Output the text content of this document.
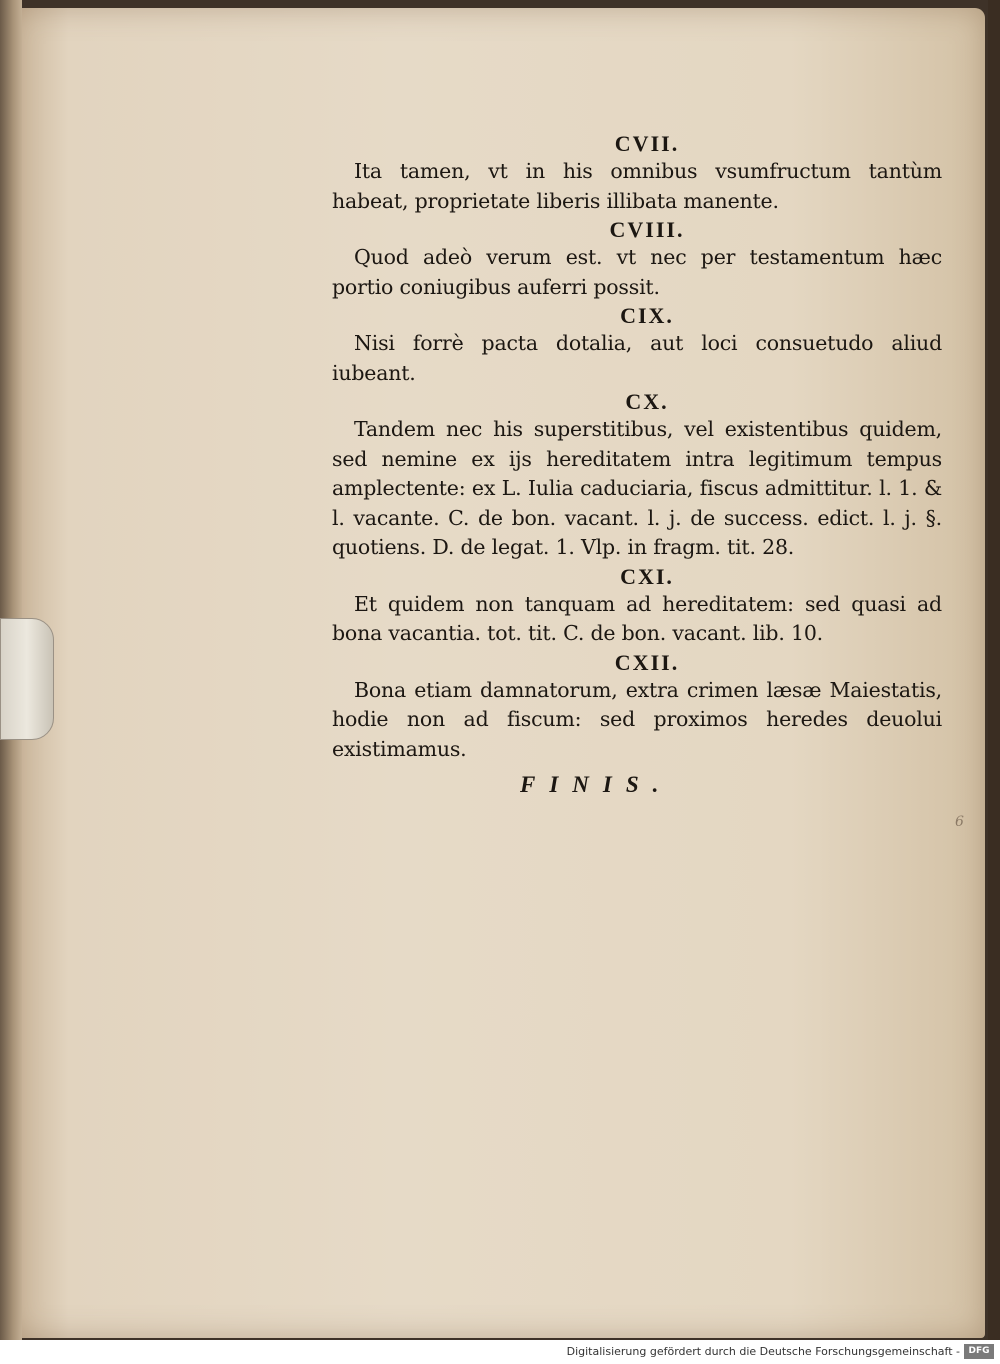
CVII.

Ita tamen, vt in his omnibus vsumfructum tantùm habeat, proprietate liberis illibata manente.

CVIII.

Quod adeò verum est. vt nec per testamentum hæc portio coniugibus auferri possit.

CIX.

Nisi forrè pacta dotalia, aut loci consuetudo aliud iubeant.

CX.

Tandem nec his superstitibus, vel existentibus quidem, sed nemine ex ijs hereditatem intra legitimum tempus amplectente: ex L. Iulia caduciaria, fiscus admittitur. l. 1. & l. vacante. C. de bon. vacant. l. j. de success. edict. l. j. §. quotiens. D. de legat. 1. Vlp. in fragm. tit. 28.

CXI.

Et quidem non tanquam ad hereditatem: sed quasi ad bona vacantia. tot. tit. C. de bon. vacant. lib. 10.

CXII.

Bona etiam damnatorum, extra crimen læsæ Maiestatis, hodie non ad fiscum: sed proximos heredes deuolui existimamus.

FINIS.
6
Digitalisierung gefördert durch die Deutsche Forschungsgemeinschaft - DFG
